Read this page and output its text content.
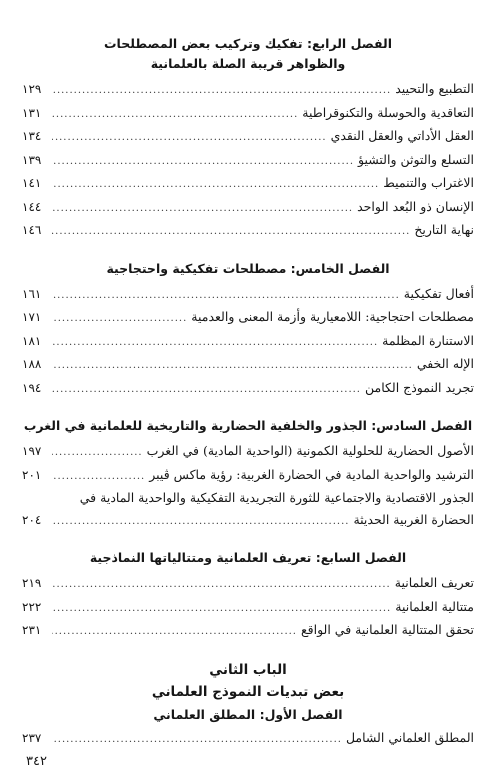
الفصل الرابع: تفكيك وتركيب بعض المصطلحات
والظواهر قريبة الصلة بالعلمانية
التطبيع والتحييد
.....
١٢٩
التعاقدية والحوسلة والتكنوقراطية
.....
١٣١
العقل الأداتي والعقل النقدي
.....
١٣٤
التسلع والتوثن والتشيؤ
.....
١٣٩
الاغتراب والتنميط
.....
١٤١
الإنسان ذو البُعد الواحد
.....
١٤٤
نهاية التاريخ
.....
١٤٦
الفصل الخامس: مصطلحات تفكيكية واحتجاجية
أفعال تفكيكية
.....
١٦١
مصطلحات احتجاجية: اللامعيارية وأزمة المعنى والعدمية
.....
١٧١
الاستنارة المظلمة
.....
١٨١
الإله الخفي
.....
١٨٨
تجريد النموذج الكامن
.....
١٩٤
الفصل السادس: الجذور والخلفية الحضارية والتاريخية للعلمانية في الغرب
الأصول الحضارية للحلولية الكمونية (الواحدية المادية) في الغرب
.....
١٩٧
الترشيد والواحدية المادية في الحضارة الغربية: رؤية ماكس ڤيبر
.....
٢٠١
الجذور الاقتصادية والاجتماعية للثورة التجريدية التفكيكية والواحدية المادية في
الحضارة الغربية الحديثة
.....
٢٠٤
الفصل السابع: تعريف العلمانية ومتتالياتها النماذجية
تعريف العلمانية
.....
٢١٩
متتالية العلمانية
.....
٢٢٢
تحقق المتتالية العلمانية في الواقع
.....
٢٣١
الباب الثاني
بعض تبديات النموذج العلماني
الفصل الأول: المطلق العلماني
المطلق العلماني الشامل
.....
٢٣٧
٣٤٢
